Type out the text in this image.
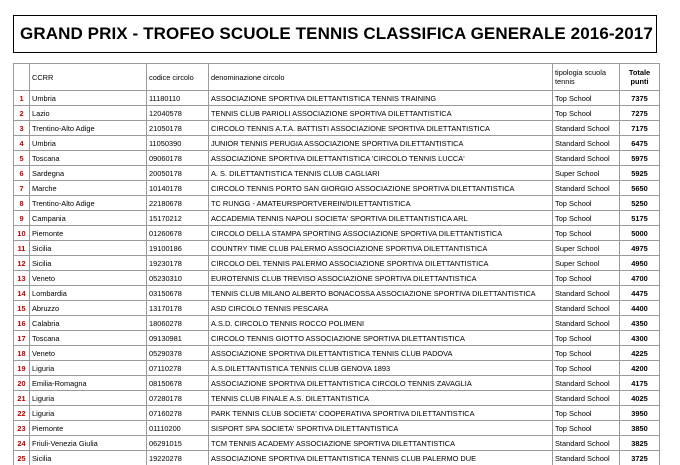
GRAND PRIX - TROFEO SCUOLE TENNIS CLASSIFICA GENERALE 2016-2017
	CCRR	codice circolo	denominazione circolo	tipologia scuola tennis	Totale punti
1	Umbria	11180110	ASSOCIAZIONE SPORTIVA DILETTANTISTICA TENNIS TRAINING	Top School	7375
2	Lazio	12040578	TENNIS CLUB PARIOLI ASSOCIAZIONE SPORTIVA DILETTANTISTICA	Top School	7275
3	Trentino-Alto Adige	21050178	CIRCOLO TENNIS A.T.A. BATTISTI ASSOCIAZIONE SPORTIVA DILETTANTISTICA	Standard School	7175
4	Umbria	11050390	JUNIOR TENNIS PERUGIA ASSOCIAZIONE SPORTIVA DILETTANTISTICA	Standard School	6475
5	Toscana	09060178	ASSOCIAZIONE SPORTIVA DILETTANTISTICA 'CIRCOLO TENNIS LUCCA'	Standard School	5975
6	Sardegna	20050178	A. S. DILETTANTISTICA TENNIS CLUB CAGLIARI	Super School	5925
7	Marche	10140178	CIRCOLO TENNIS PORTO SAN GIORGIO ASSOCIAZIONE SPORTIVA DILETTANTISTICA	Standard School	5650
8	Trentino-Alto Adige	22180678	TC RUNGG - AMATEURSPORTVEREIN/DILETTANTISTICA	Top School	5250
9	Campania	15170212	ACCADEMIA TENNIS NAPOLI SOCIETA' SPORTIVA DILETTANTISTICA ARL	Top School	5175
10	Piemonte	01260678	CIRCOLO DELLA STAMPA SPORTING ASSOCIAZIONE SPORTIVA DILETTANTISTICA	Top School	5000
11	Sicilia	19100186	COUNTRY TIME CLUB PALERMO ASSOCIAZIONE SPORTIVA DILETTANTISTICA	Super School	4975
12	Sicilia	19230178	CIRCOLO DEL TENNIS PALERMO ASSOCIAZIONE SPORTIVA DILETTANTISTICA	Super School	4950
13	Veneto	05230310	EUROTENNIS CLUB TREVISO ASSOCIAZIONE SPORTIVA DILETTANTISTICA	Top School	4700
14	Lombardia	03150678	TENNIS CLUB MILANO ALBERTO BONACOSSA ASSOCIAZIONE SPORTIVA DILETTANTISTICA	Standard School	4475
15	Abruzzo	13170178	ASD CIRCOLO TENNIS PESCARA	Standard School	4400
16	Calabria	18060278	A.S.D. CIRCOLO TENNIS ROCCO POLIMENI	Standard School	4350
17	Toscana	09130981	CIRCOLO TENNIS GIOTTO ASSOCIAZIONE SPORTIVA DILETTANTISTICA	Top School	4300
18	Veneto	05290378	ASSOCIAZIONE SPORTIVA DILETTANTISTICA TENNIS CLUB PADOVA	Top School	4225
19	Liguria	07110278	A.S.DILETTANTISTICA TENNIS CLUB GENOVA 1893	Top School	4200
20	Emilia-Romagna	08150678	ASSOCIAZIONE SPORTIVA DILETTANTISTICA CIRCOLO TENNIS ZAVAGLIA	Standard School	4175
21	Liguria	07280178	TENNIS CLUB FINALE A.S. DILETTANTISTICA	Standard School	4025
22	Liguria	07160278	PARK TENNIS CLUB SOCIETA' COOPERATIVA SPORTIVA DILETTANTISTICA	Top School	3950
23	Piemonte	01110200	SISPORT SPA SOCIETA' SPORTIVA DILETTANTISTICA	Top School	3850
24	Friuli-Venezia Giulia	06291015	TCM TENNIS ACADEMY ASSOCIAZIONE SPORTIVA DILETTANTISTICA	Standard School	3825
25	Sicilia	19220278	ASSOCIAZIONE SPORTIVA DILETTANTISTICA TENNIS CLUB PALERMO DUE	Standard School	3725
